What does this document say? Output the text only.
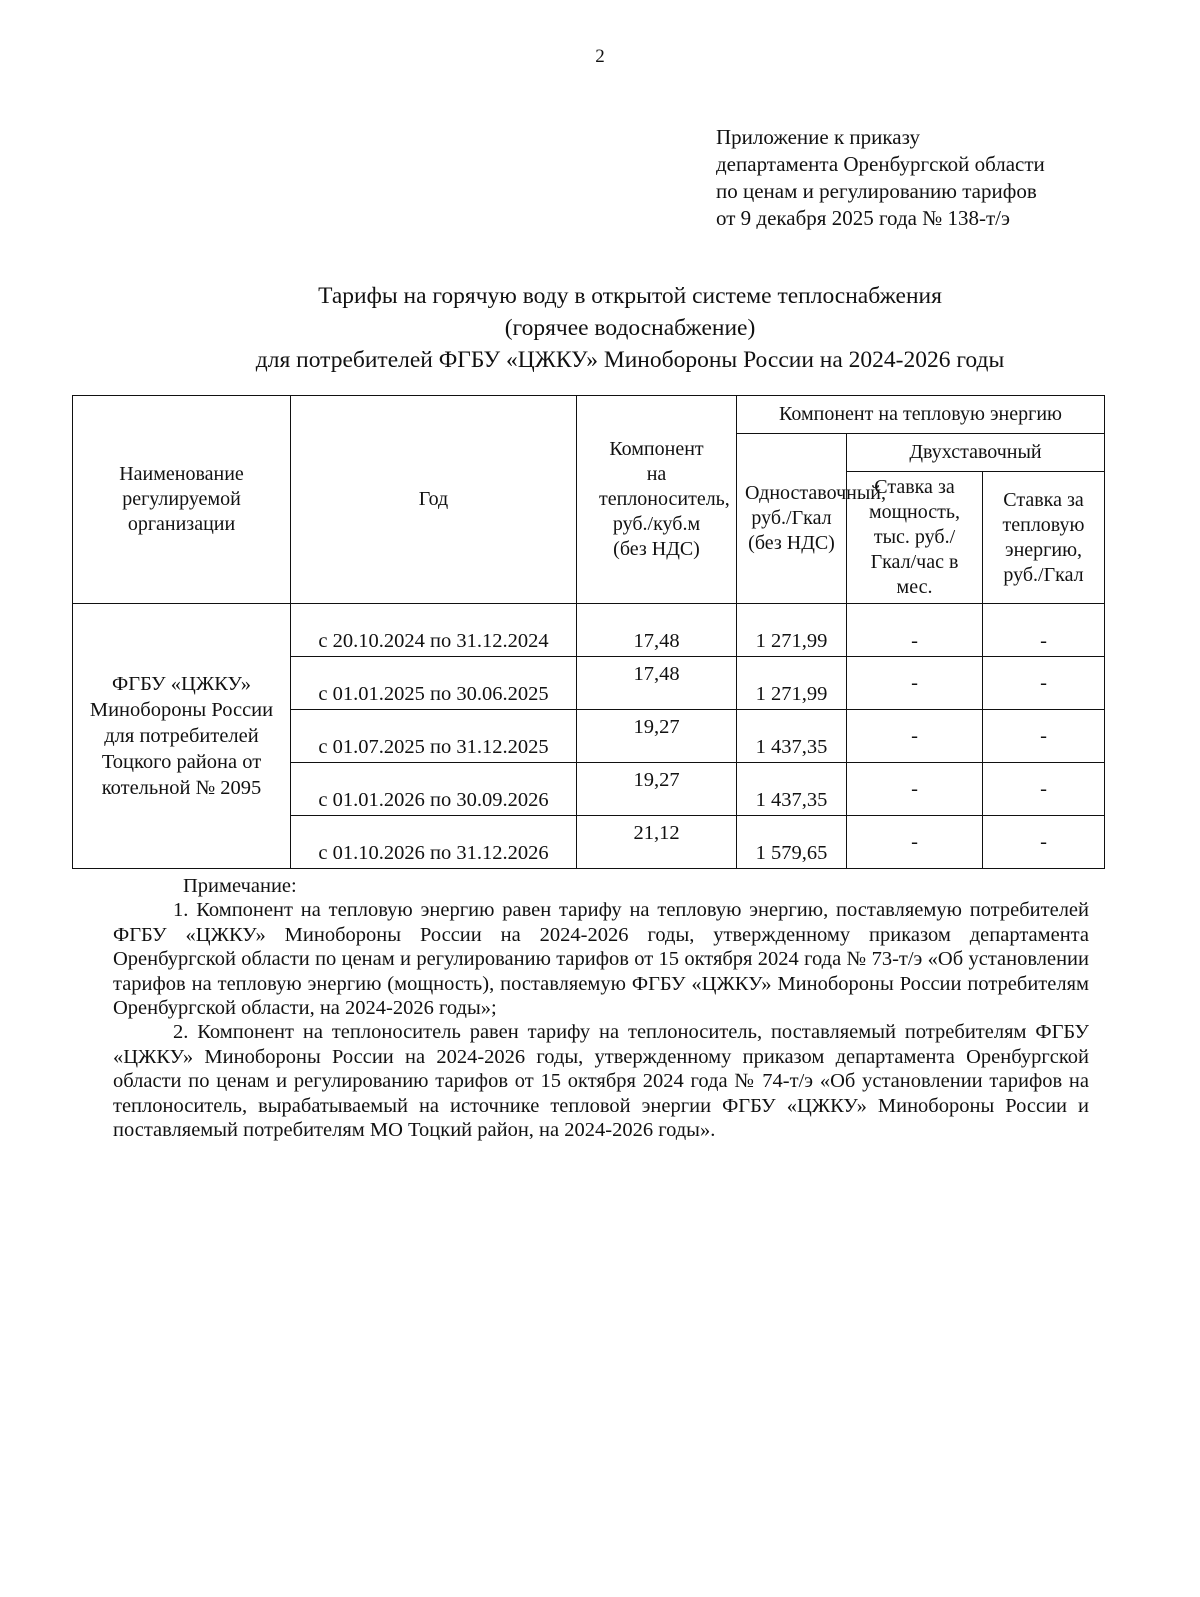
2
Приложение к приказу
департамента Оренбургской области
по ценам и регулированию тарифов
от 9 декабря 2025 года № 138-т/э
Тарифы на горячую воду в открытой системе теплоснабжения
(горячее водоснабжение)
для потребителей ФГБУ «ЦЖКУ» Минобороны России на 2024-2026 годы
Наименование регулируемой организации	Год	Компонент на теплоноситель, руб./куб.м (без НДС)	Компонент на тепловую энергию		
			Одноставочный, руб./Гкал (без НДС)	Двухставочный	
				Ставка за мощность, тыс. руб./ Гкал/час в мес.	Ставка за тепловую энергию, руб./Гкал
ФГБУ «ЦЖКУ» Минобороны России для потребителей Тоцкого района от котельной № 2095	с 20.10.2024 по 31.12.2024	17,48	1 271,99	-	-
	с 01.01.2025 по 30.06.2025	17,48	1 271,99	-	-
	с 01.07.2025 по 31.12.2025	19,27	1 437,35	-	-
	с 01.01.2026 по 30.09.2026	19,27	1 437,35	-	-
	с 01.10.2026 по 31.12.2026	21,12	1 579,65	-	-
Примечание:

1. Компонент на тепловую энергию равен тарифу на тепловую энергию, поставляемую потребителей ФГБУ «ЦЖКУ» Минобороны России на 2024-2026 годы, утвержденному приказом департамента Оренбургской области по ценам и регулированию тарифов от 15 октября 2024 года № 73-т/э «Об установлении тарифов на тепловую энергию (мощность), поставляемую ФГБУ «ЦЖКУ» Минобороны России потребителям Оренбургской области, на 2024-2026 годы»;

2. Компонент на теплоноситель равен тарифу на теплоноситель, поставляемый потребителям ФГБУ «ЦЖКУ» Минобороны России на 2024-2026 годы, утвержденному приказом департамента Оренбургской области по ценам и регулированию тарифов от 15 октября 2024 года № 74-т/э «Об установлении тарифов на теплоноситель, вырабатываемый на источнике тепловой энергии ФГБУ «ЦЖКУ» Минобороны России и поставляемый потребителям МО Тоцкий район, на 2024-2026 годы».
